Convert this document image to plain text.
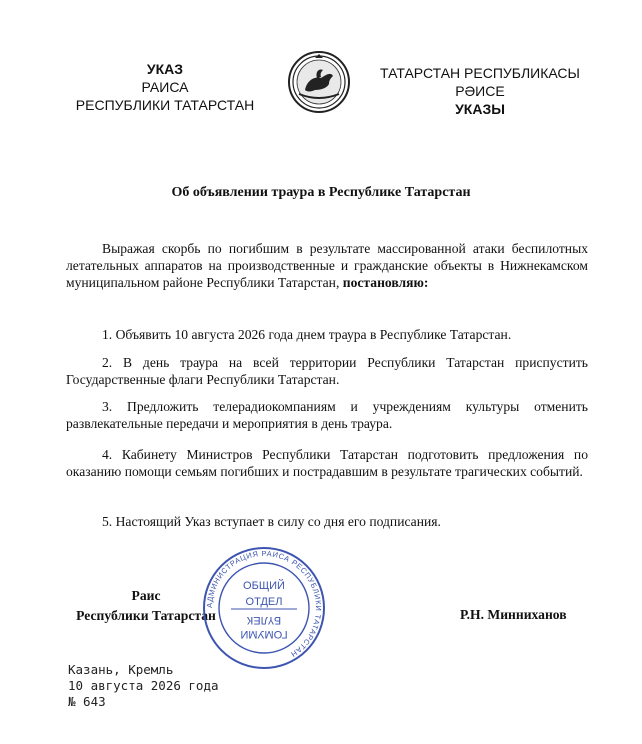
УКАЗ
РАИСА
РЕСПУБЛИКИ ТАТАРСТАН
ТАТАРСТАН РЕСПУБЛИКАСЫ
РӘИСЕ
УКАЗЫ
Об объявлении траура в Республике Татарстан
Выражая скорбь по погибшим в результате массированной атаки беспилотных летательных аппаратов на производственные и гражданские объекты в Нижнекамском муниципальном районе Республики Татарстан, постановляю:
1. Объявить 10 августа 2026 года днем траура в Республике Татарстан.
2. В день траура на всей территории Республики Татарстан приспустить Государственные флаги Республики Татарстан.
3. Предложить телерадиокомпаниям и учреждениям культуры отменить развлекательные передачи и мероприятия в день траура.
4. Кабинету Министров Республики Татарстан подготовить предложения по оказанию помощи семьям погибших и пострадавшим в результате трагических событий.
5. Настоящий Указ вступает в силу со дня его подписания.
Раис
Республики Татарстан
АДМИНИСТРАЦИЯ РАИСА РЕСПУБЛИКИ ТАТАРСТАН
ОБЩИЙ
ОТДЕЛ
БҮЛЕК
ГОМУМИ
Р.Н. Минниханов
Казань, Кремль
10 августа 2026 года
№ 643
